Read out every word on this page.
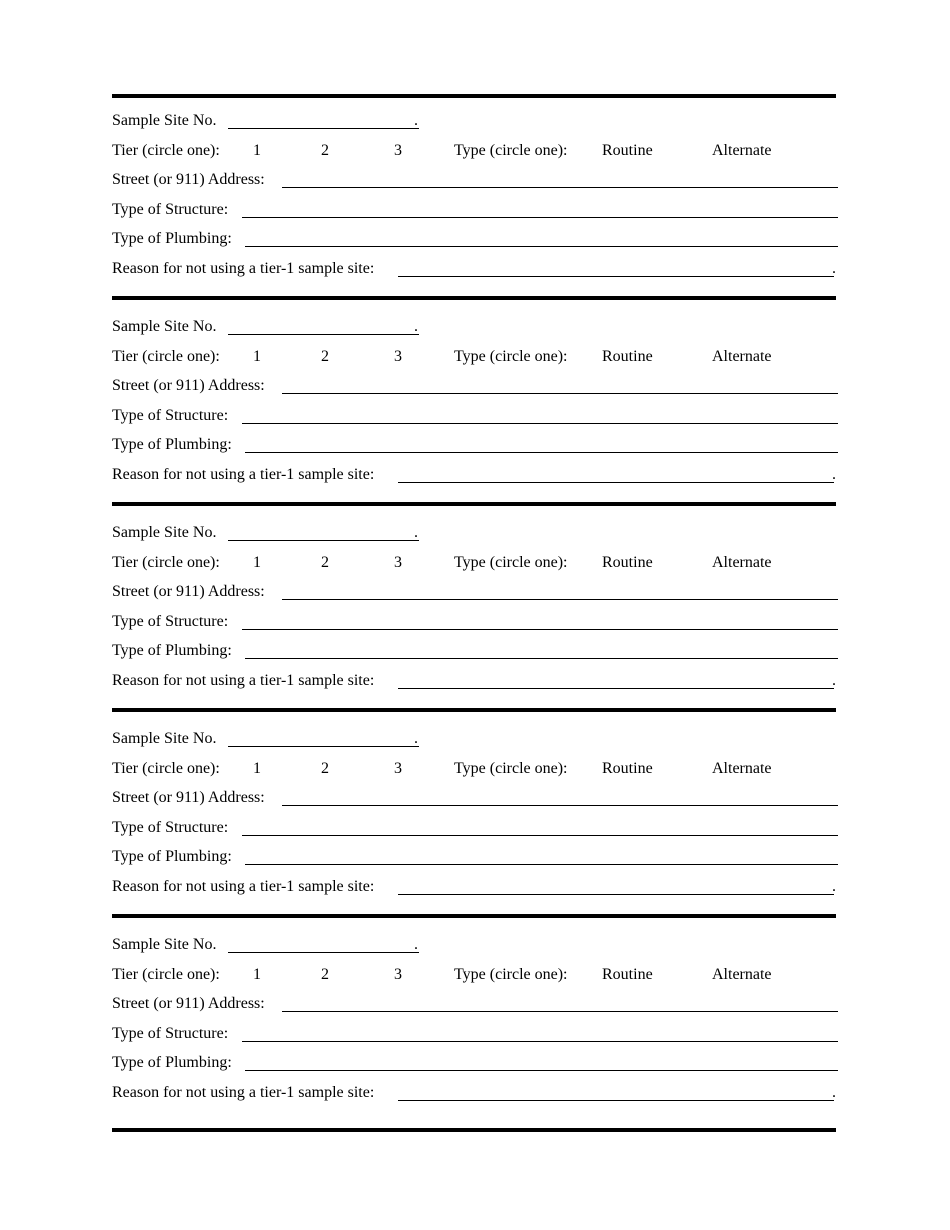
Sample Site No.	.
Tier (circle one): 1	2	3	Type (circle one): Routine	Alternate
Street (or 911) Address:
Type of Structure:
Type of Plumbing:
Reason for not using a tier-1 sample site:	.
Sample Site No.	.
Tier (circle one): 1	2	3	Type (circle one): Routine	Alternate
Street (or 911) Address:
Type of Structure:
Type of Plumbing:
Reason for not using a tier-1 sample site:	.
Sample Site No.	.
Tier (circle one): 1	2	3	Type (circle one): Routine	Alternate
Street (or 911) Address:
Type of Structure:
Type of Plumbing:
Reason for not using a tier-1 sample site:	.
Sample Site No.	.
Tier (circle one): 1	2	3	Type (circle one): Routine	Alternate
Street (or 911) Address:
Type of Structure:
Type of Plumbing:
Reason for not using a tier-1 sample site:	.
Sample Site No.	.
Tier (circle one): 1	2	3	Type (circle one): Routine	Alternate
Street (or 911) Address:
Type of Structure:
Type of Plumbing:
Reason for not using a tier-1 sample site:	.
